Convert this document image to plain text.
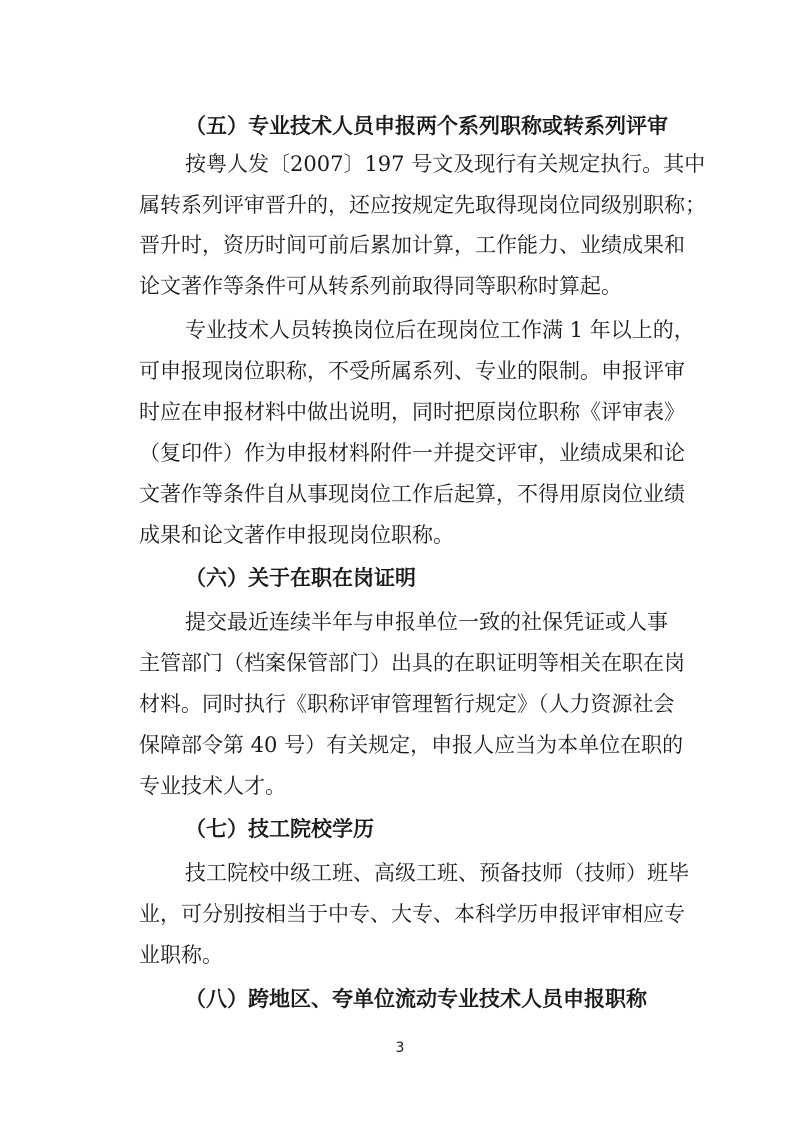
（五）专业技术人员申报两个系列职称或转系列评审
按粤人发〔2007〕197 号文及现行有关规定执行。其中
属转系列评审晋升的，还应按规定先取得现岗位同级别职称；
晋升时，资历时间可前后累加计算，工作能力、业绩成果和
论文著作等条件可从转系列前取得同等职称时算起。
专业技术人员转换岗位后在现岗位工作满 1 年以上的，
可申报现岗位职称，不受所属系列、专业的限制。申报评审
时应在申报材料中做出说明，同时把原岗位职称《评审表》
（复印件）作为申报材料附件一并提交评审，业绩成果和论
文著作等条件自从事现岗位工作后起算，不得用原岗位业绩
成果和论文著作申报现岗位职称。
（六）关于在职在岗证明
提交最近连续半年与申报单位一致的社保凭证或人事
主管部门（档案保管部门）出具的在职证明等相关在职在岗
材料。同时执行《职称评审管理暂行规定》（人力资源社会
保障部令第 40 号）有关规定，申报人应当为本单位在职的
专业技术人才。
（七）技工院校学历
技工院校中级工班、高级工班、预备技师（技师）班毕
业，可分别按相当于中专、大专、本科学历申报评审相应专
业职称。
（八）跨地区、夸单位流动专业技术人员申报职称
3
